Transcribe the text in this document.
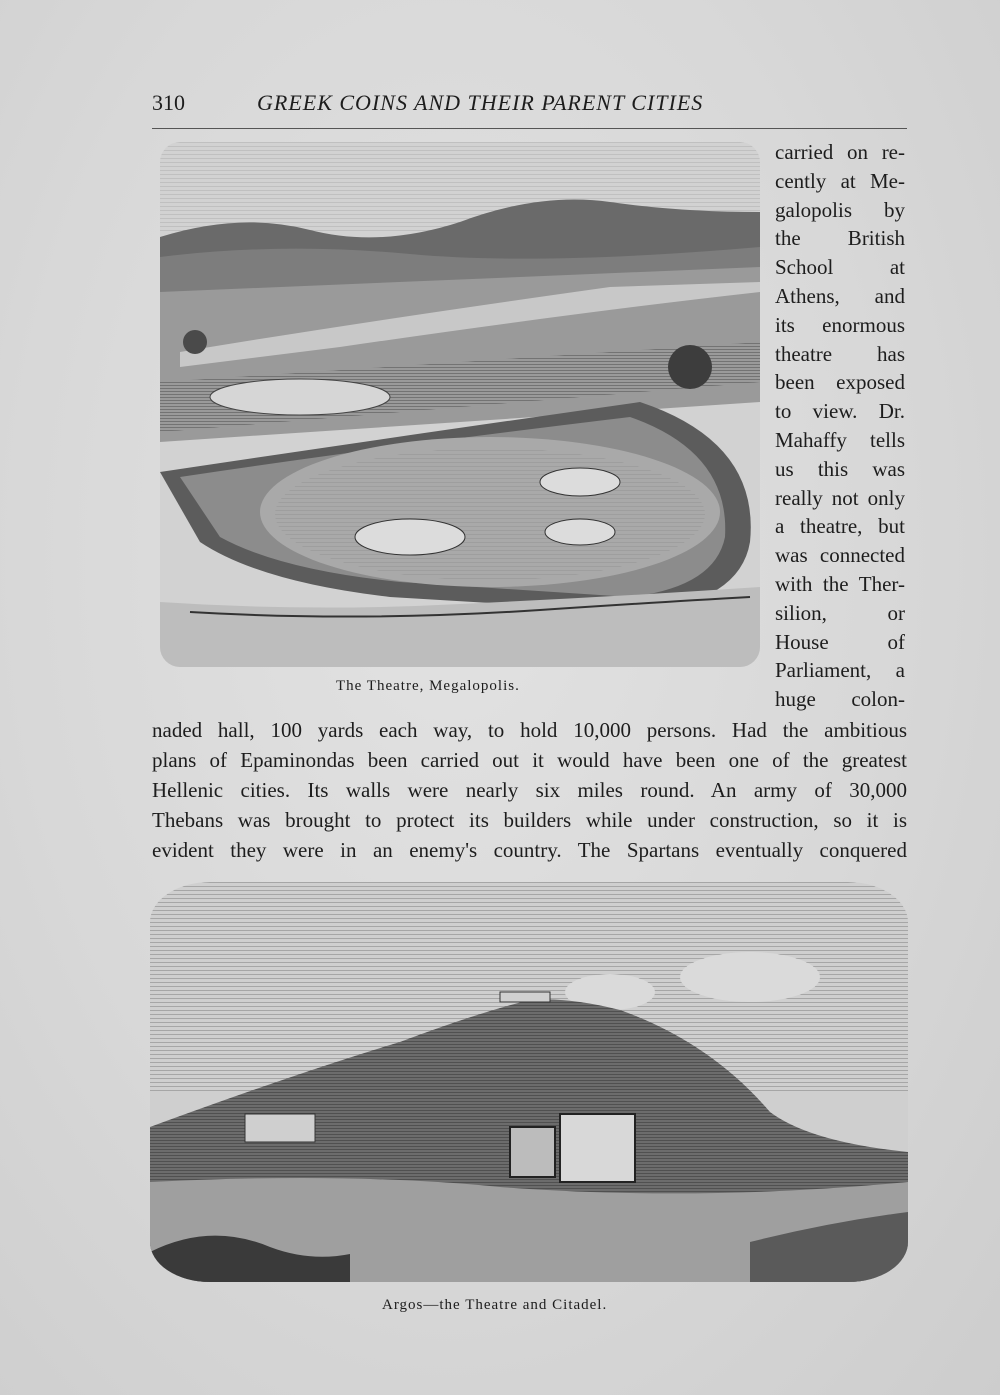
310	GREEK COINS AND THEIR PARENT CITIES
The Theatre, Megalopolis.
carried on re-
cently at Me-
galopolis by
the British
School at
Athens, and
its enormous
theatre has
been exposed
to view. Dr.
Mahaffy tells
us this was
really not only
a theatre, but
was connected
with the Ther-
silion, or
House of
Parliament, a
huge colon-
naded hall, 100 yards each way, to hold 10,000 persons. Had the ambitious
plans of Epaminondas been carried out it would have been one of the greatest
Hellenic cities. Its walls were nearly six miles round. An army of 30,000
Thebans was brought to protect its builders while under construction, so it is
evident they were in an enemy's country. The Spartans eventually conquered
Argos—the Theatre and Citadel.
